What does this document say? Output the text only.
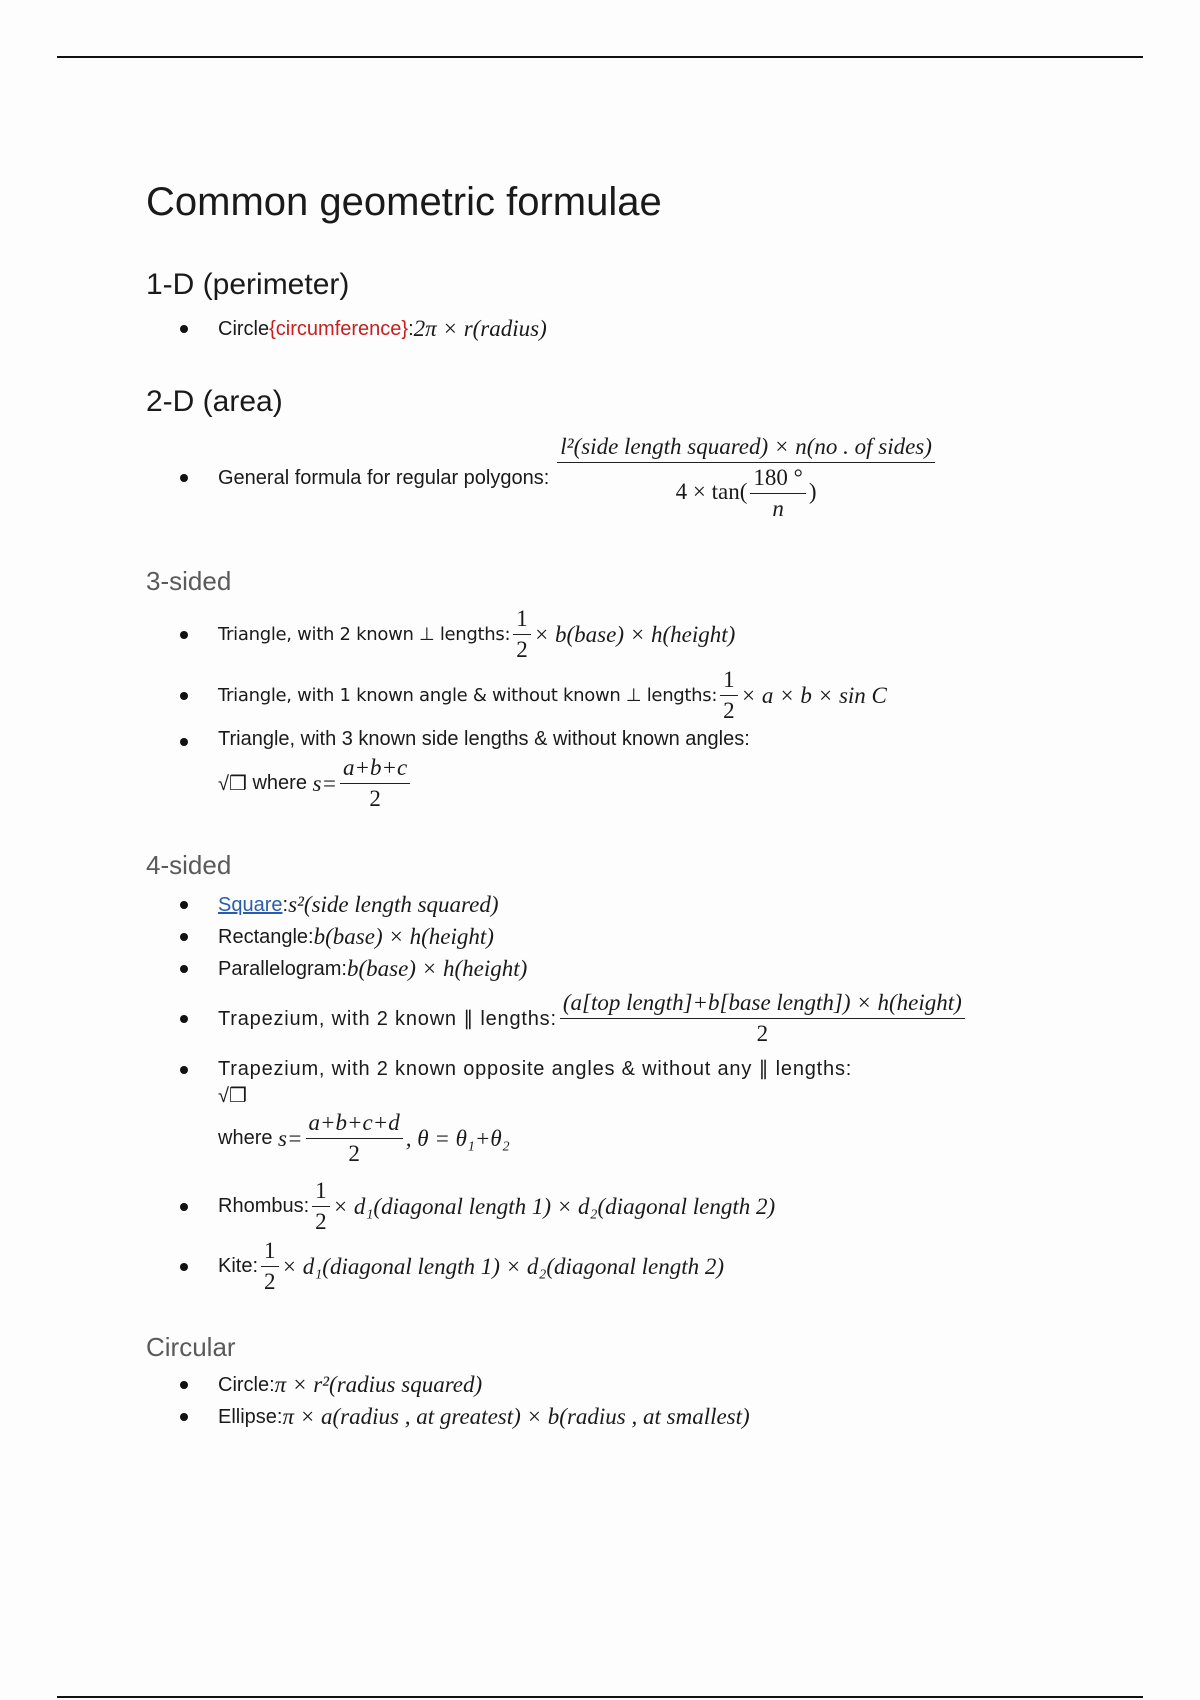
Common geometric formulae
1-D (perimeter)
Circle {circumference} : 2π × r(radius)
2-D (area)
General formula for regular polygons: $\frac{\text{l²(side length squared) × n(no . of sides)}}{4 \times \tan( \frac{180 ^\circ}{n} )}$
3-sided
Triangle, with 2 known ⊥ lengths: $\frac{1}{2}$ × b(base) × h(height)
Triangle, with 1 known angle & without known ⊥ lengths: $\frac{1}{2} \times a \times b \times \sin C$
Triangle, with 3 known side lengths & without known angles:
√❒ where $s= \frac{a+b+c}{2}$
4-sided
Square : s²(side length squared)
Rectangle: b(base) × h(height)
Parallelogram: b(base) × h(height)
Trapezium, with 2 known ∥ lengths: $\frac{\text{(a[top length]+b[base length]) × h(height)}}{2}$
Trapezium, with 2 known opposite angles & without any ∥ lengths:
√❒
where $s= \frac{a+b+c+d}{2}$ , θ = θ₁+θ₂
Rhombus: $\frac{1}{2}$ × d₁(diagonal length 1) × d₂(diagonal length 2)
Kite: $\frac{1}{2}$ × d₁(diagonal length 1) × d₂(diagonal length 2)
Circular
Circle: π × r²(radius squared)
Ellipse: π × a(radius , at greatest) × b(radius , at smallest)
